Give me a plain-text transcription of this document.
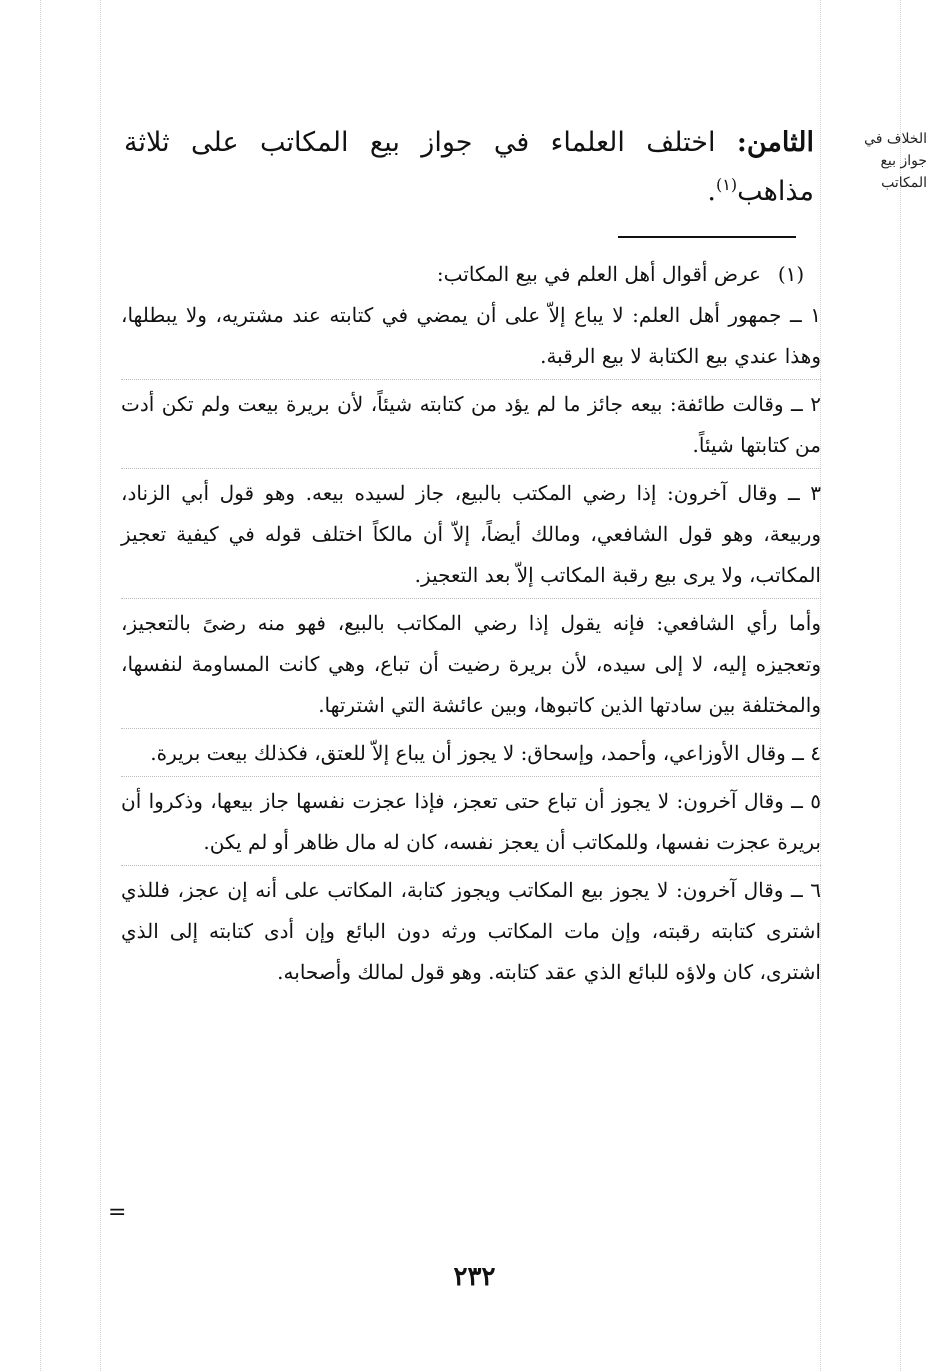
الخلاف في
جواز بيع
المكاتب
الثامن: اختلف العلماء في جواز بيع المكاتب على ثلاثة مذاهب$^{(١)}$.
(١)

عرض أقوال أهل العلم في بيع المكاتب:

١ ــ جمهور أهل العلم: لا يباع إلاّ على أن يمضي في كتابته عند مشتريه، ولا يبطلها، وهذا عندي بيع الكتابة لا بيع الرقبة.

٢ ــ وقالت طائفة: بيعه جائز ما لم يؤد من كتابته شيئاً، لأن بريرة بيعت ولم تكن أدت من كتابتها شيئاً.

٣ ــ وقال آخرون: إذا رضي المكتب بالبيع، جاز لسيده بيعه. وهو قول أبي الزناد، وربيعة، وهو قول الشافعي، ومالك أيضاً، إلاّ أن مالكاً اختلف قوله في كيفية تعجيز المكاتب، ولا يرى بيع رقبة المكاتب إلاّ بعد التعجيز.

وأما رأي الشافعي: فإنه يقول إذا رضي المكاتب بالبيع، فهو منه رضىً بالتعجيز، وتعجيزه إليه، لا إلى سيده، لأن بريرة رضيت أن تباع، وهي كانت المساومة لنفسها، والمختلفة بين سادتها الذين كاتبوها، وبين عائشة التي اشترتها.

٤ ــ وقال الأوزاعي، وأحمد، وإسحاق: لا يجوز أن يباع إلاّ للعتق، فكذلك بيعت بريرة.

٥ ــ وقال آخرون: لا يجوز أن تباع حتى تعجز، فإذا عجزت نفسها جاز بيعها، وذكروا أن بريرة عجزت نفسها، وللمكاتب أن يعجز نفسه، كان له مال ظاهر أو لم يكن.

٦ ــ وقال آخرون: لا يجوز بيع المكاتب ويجوز كتابة، المكاتب على أنه إن عجز، فللذي اشترى كتابته رقبته، وإن مات المكاتب ورثه دون البائع وإن أدى كتابته إلى الذي اشترى، كان ولاؤه للبائع الذي عقد كتابته. وهو قول لمالك وأصحابه.

=
٢٣٢
